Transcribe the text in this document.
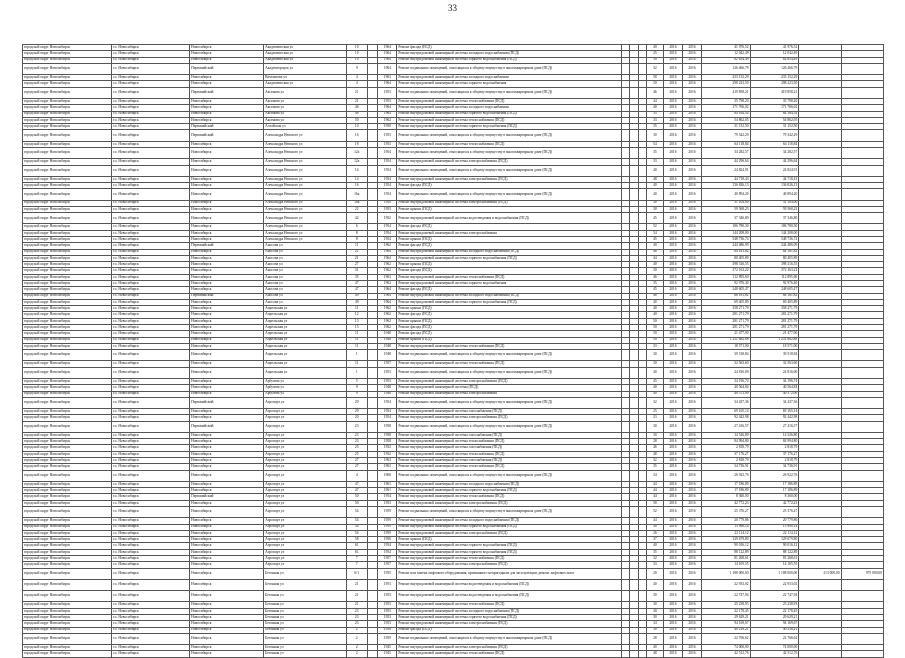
33
городской округ Новосибирск	г.о. Новосибирск	Новосибирск	Академическая ул	10		1964	Ремонт фасада (ПСД)				40	2016	2016	41 976,52	41 976,52		
городской округ Новосибирск	г.о. Новосибирск	Новосибирск	Академическая ул	10		1964	Ремонт внутридомовой инженерной системы холодного водоснабжения (ПСД)				25	2016	2016	12 042,49	12 042,49		
городской округ Новосибирск	г.о. Новосибирск	Новосибирск	Академическая ул	10		1964	Ремонт внутридомовой инженерной системы горячего водоснабжения (ПСД)				30	2016	2016	82 654,49	82 654,49		
городской округ Новосибирск	г.о. Новосибирск	Первомайский	Академгородок ул	9		1964	Ремонт подвальных помещений, относящихся к общему имуществу в многоквартирном доме (ПСД)				32	2016	2016	126 466,79	126 466,79		
городской округ Новосибирск	г.о. Новосибирск	Новосибирск	Вахтангова ул	4		1963	Ремонт внутридомовой инженерной системы холодного водоснабжения				58	2016	2016	233 152,29	233 152,29		
городской округ Новосибирск	г.о. Новосибирск	Новосибирск	Академическая ул	4		1964	Ремонт внутридомовой инженерной системы горячего водоснабжения				50	2016	2016	298 223,50	298 223,50		
городской округ Новосибирск	г.о. Новосибирск	Первомайский	Аксенова ул	21		1953	Ремонт подвальных помещений, относящихся к общему имуществу в многоквартирном доме (ПСД)				46	2016	2016	419 858,21	419 858,21		
городской округ Новосибирск	г.о. Новосибирск	Новосибирск	Аксенова ул	21		1953	Ремонт внутридомовой инженерной системы теплоснабжения (ПСД)				44	2016	2016	35 798,20	35 798,20		
городской округ Новосибирск	г.о. Новосибирск	Новосибирск	Аксенова ул	46		1964	Ремонт внутридомовой инженерной системы холодного водоснабжения				40	2016	2016	171 766,02	171 766,02		
городской округ Новосибирск	г.о. Новосибирск	Новосибирск	Аксенова ул	48		1964	Ремонт внутридомовой инженерной системы горячего водоснабжения (ПСД)				35	2016	2016	64 164,54	64 164,54		
городской округ Новосибирск	г.о. Новосибирск	Новосибирск	Аксенова ул	50		1962	Ремонт внутридомовой инженерной системы теплоснабжения (ПСД)				33	2016	2016	54 862,05	54 862,05		
городской округ Новосибирск	г.о. Новосибирск	Первомайский	Алтайская ул	10		1950	Ремонт внутридомовой инженерной системы горячего водоснабжения (ПСД)				35	2016	2016	31 152,50	31 152,50		
городской округ Новосибирск	г.о. Новосибирск	Первомайский	Александра Невского ул	16		1953	Ремонт подвальных помещений, относящихся к общему имуществу в многоквартирном доме (ПСД)				30	2016	2016	79 342,29	79 342,29		
городской округ Новосибирск	г.о. Новосибирск	Новосибирск	Александра Невского ул	18		1953	Ремонт внутридомовой инженерной системы теплоснабжения (ПСД)				54	2016	2016	64 118,84	64 118,84		
городской округ Новосибирск	г.о. Новосибирск	Новосибирск	Александра Невского ул	12а		1954	Ремонт подвальных помещений, относящихся к общему имуществу в многоквартирном доме (ПСД)				35	2016	2016	34 282,57	34 282,57		
городской округ Новосибирск	г.о. Новосибирск	Новосибирск	Александра Невского ул	12а		1954	Ремонт внутридомовой инженерной системы электроснабжения (ПСД)				33	2016	2016	44 296,64	44 296,64		
городской округ Новосибирск	г.о. Новосибирск	Новосибирск	Александра Невского ул	14		1954	Ремонт подвальных помещений, относящихся к общему имуществу в многоквартирном доме (ПСД)				40	2016	2016	24 824,91	24 824,91		
городской округ Новосибирск	г.о. Новосибирск	Новосибирск	Александра Невского ул	14		1954	Ремонт внутридомовой инженерной системы электроснабжения (ПСД)				48	2016	2016	44 718,43	44 718,43		
городской округ Новосибирск	г.о. Новосибирск	Новосибирск	Александра Невского ул	16		1954	Ремонт фасада (ПСД)				40	2016	2016	136 826,13	136 826,13		
городской округ Новосибирск	г.о. Новосибирск	Новосибирск	Александра Невского ул	16а		1954	Ремонт подвальных помещений, относящихся к общему имуществу в многоквартирном доме (ПСД)				40	2016	2016	40 894,20	40 894,20		
городской округ Новосибирск	г.о. Новосибирск	Новосибирск	Александра Невского ул	16а		1954	Ремонт внутридомовой инженерной системы электроснабжения (ПСД)				30	2016	2016	31 104,00	31 104,00		
городской округ Новосибирск	г.о. Новосибирск	Новосибирск	Александра Невского ул	22		1953	Ремонт крыши (ПСД)				30	2016	2016	59 568,23	59 568,23		
городской округ Новосибирск	г.о. Новосибирск	Новосибирск	Александра Невского ул	42		1952	Ремонт внутридомовой инженерной системы водоотведения и водоснабжения (ПСД)				45	2016	2016	37 346,80	37 346,80		
городской округ Новосибирск	г.о. Новосибирск	Новосибирск	Александра Невского ул	6		1954	Ремонт фасада (ПСД)				52	2016	2016	186 780,30	186 780,30		
городской округ Новосибирск	г.о. Новосибирск	Новосибирск	Александра Невского ул	8		1954	Ремонт внутридомовой инженерной системы электроснабжения				54	2016	2016	144 208,00	144 208,00		
городской округ Новосибирск	г.о. Новосибирск	Новосибирск	Александра Невского ул	8		1954	Ремонт крыши (ПСД)				45	2016	2016	548 736,74	548 736,74		
городской округ Новосибирск	г.о. Новосибирск	Первомайский	Аносова ул	11		1962	Ремонт фасада (ПСД)				40	2016	2016	244 486,09	244 486,09		
городской округ Новосибирск	г.о. Новосибирск	Новосибирск	Аносова ул	21		1964	Ремонт внутридомовой инженерной системы холодного водоснабжения (ПСД)				46	2016	2016	84 181,82	84 181,82		
городской округ Новосибирск	г.о. Новосибирск	Новосибирск	Аносова ул	21		1964	Ремонт внутридомовой инженерной системы горячего водоснабжения (ПСД)				44	2016	2016	80 405,89	80 405,89		
городской округ Новосибирск	г.о. Новосибирск	Новосибирск	Аносова ул	27		1962	Ремонт крыши (ПСД)				40	2016	2016	398 316,55	398 316,55		
городской округ Новосибирск	г.о. Новосибирск	Новосибирск	Аносова ул	31		1962	Ремонт фасада (ПСД)				30	2016	2016	372 163,22	372 163,22		
городской округ Новосибирск	г.о. Новосибирск	Новосибирск	Аносова ул	35		1963	Ремонт внутридомовой инженерной системы теплоснабжения (ПСД)				46	2016	2016	112 895,60	112 895,60		
городской округ Новосибирск	г.о. Новосибирск	Новосибирск	Аносова ул	47		1962	Ремонт внутридомовой инженерной системы горячего водоснабжения				35	2016	2016	92 976,40	92 976,40		
городской округ Новосибирск	г.о. Новосибирск	Новосибирск	Аносова ул	47		1964	Ремонт фасада (ПСД)				45	2016	2016	248 605,47	248 605,47		
городской округ Новосибирск	г.о. Новосибирск	Первомайский	Аносова ул	49		1964	Ремонт внутридомовой инженерной системы холодного водоснабжения (ПСД)				48	2016	2016	68 181,82	68 181,82		
городской округ Новосибирск	г.о. Новосибирск	Новосибирск	Аносова ул	49		1964	Ремонт внутридомовой инженерной системы горячего водоснабжения (ПСД)				40	2016	2016	69 405,89	69 405,89		
городской округ Новосибирск	г.о. Новосибирск	Новосибирск	Апрельская ул	11		1962	Ремонт крыши (ПСД)				40	2016	2016	358 271,79	358 271,79		
городской округ Новосибирск	г.о. Новосибирск	Новосибирск	Апрельская ул	12		1962	Ремонт фасада (ПСД)				40	2016	2016	281 271,79	281 271,79		
городской округ Новосибирск	г.о. Новосибирск	Новосибирск	Апрельская ул	13		1962	Ремонт крыши (ПСД)				50	2016	2016	281 271,79	281 271,79		
городской округ Новосибирск	г.о. Новосибирск	Новосибирск	Апрельская ул	15		1962	Ремонт фасада (ПСД)				50	2016	2016	281 271,79	281 271,79		
городской округ Новосибирск	г.о. Новосибирск	Новосибирск	Апрельская ул	11		1948	Ремонт фасада (ПСД)				50	2016	2016	21 477,00	21 477,00		
городской округ Новосибирск	г.о. Новосибирск	Новосибирск	Апрельская ул	11		1948	Ремонт крыши (ПСД)				50	2016	2016	1 251 682,88	1 251 682,88		
городской округ Новосибирск	г.о. Новосибирск	Новосибирск	Апрельская ул	11		1948	Ремонт внутридомовой инженерной системы теплоснабжения (ПСД)				33	2016	2016	18 571,00	18 571,00		
городской округ Новосибирск	г.о. Новосибирск	Новосибирск	Апрельская ул	1		1948	Ремонт подвальных помещений, относящихся к общему имуществу в многоквартирном доме (ПСД)				30	2016	2016	39 518,84	39 518,84		
городской округ Новосибирск	г.о. Новосибирск	Новосибирск	Апрельская ул	11		1957	Ремонт внутридомовой инженерной системы теплоснабжения (ПСД)				30	2016	2016	32 563,60	32 563,60		
городской округ Новосибирск	г.о. Новосибирск	Новосибирск	Апрельская ул	1		1953	Ремонт подвальных помещений, относящихся к общему имуществу в многоквартирном доме (ПСД)				40	2016	2016	24 816,00	24 816,00		
городской округ Новосибирск	г.о. Новосибирск	Новосибирск	Арбузова ул	5		1953	Ремонт внутридомовой инженерной системы электроснабжения (ПСД)				45	2016	2016	34 196,74	34 196,74		
городской округ Новосибирск	г.о. Новосибирск	Новосибирск	Арбузова ул	9		1948	Ремонт внутридомовой инженерной системы (ПСД)				40	2016	2016	40 564,84	40 564,84		
городской округ Новосибирск	г.о. Новосибирск	Новосибирск	Арбузова ул	9		1948	Ремонт внутридомовой инженерной системы электроснабжения				40	2016	2016	40 572,00	40 572,00		
городской округ Новосибирск	г.о. Новосибирск	Первомайский	Аэропорт ул	29		1954	Ремонт подвальных помещений, относящихся к общему имуществу в многоквартирном доме (ПСД)				32	2016	2016	34 437,36	34 437,36		
городской округ Новосибирск	г.о. Новосибирск	Новосибирск	Аэропорт ул	29		1954	Ремонт внутридомовой инженерной системы газоснабжения (ПСД)				25	2016	2016	69 165,14	69 165,14		
городской округ Новосибирск	г.о. Новосибирск	Новосибирск	Аэропорт ул	20		1954	Ремонт внутридомовой инженерной системы электроснабжения (ПСД)				23	2016	2016	92 442,98	92 442,98		
городской округ Новосибирск	г.о. Новосибирск	Первомайский	Аэропорт ул	23		1958	Ремонт подвальных помещений, относящихся к общему имуществу в многоквартирном доме (ПСД)				30	2016	2016	27 416,57	27 416,57		
городской округ Новосибирск	г.о. Новосибирск	Новосибирск	Аэропорт ул	23		1958	Ремонт внутридомовой инженерной системы газоснабжения (ПСД)				30	2016	2016	14 526,80	14 526,80		
городской округ Новосибирск	г.о. Новосибирск	Новосибирск	Аэропорт ул	23		1958	Ремонт внутридомовой инженерной системы теплоснабжения (ПСД)				28	2016	2016	84 994,80	84 994,80		
городской округ Новосибирск	г.о. Новосибирск	Новосибирск	Аэропорт ул	25		1952	Ремонт внутридомовой инженерной системы газоснабжения (ПСД)				46	2016	2016	2 818,79	2 818,79		
городской округ Новосибирск	г.о. Новосибирск	Новосибирск	Аэропорт ул	25		1952	Ремонт внутридомовой инженерной системы теплоснабжения (ПСД)				48	2016	2016	37 176,27	37 176,27		
городской округ Новосибирск	г.о. Новосибирск	Новосибирск	Аэропорт ул	27		1963	Ремонт внутридомовой инженерной системы газоснабжения (ПСД)				32	2016	2016	2 818,79	2 818,79		
городской округ Новосибирск	г.о. Новосибирск	Новосибирск	Аэропорт ул	27		1963	Ремонт внутридомовой инженерной системы теплоснабжения (ПСД)				35	2016	2016	34 736,91	34 736,91		
городской округ Новосибирск	г.о. Новосибирск	Новосибирск	Аэропорт ул	4		1960	Ремонт подвальных помещений, относящихся к общему имуществу в многоквартирном доме (ПСД)				34	2016	2016	26 922,76	26 922,76		
городской округ Новосибирск	г.о. Новосибирск	Новосибирск	Аэропорт ул	47		1961	Ремонт внутридомовой инженерной системы холодного водоснабжения (ПСД)				44	2016	2016	17 186,89	17 186,89		
городской округ Новосибирск	г.о. Новосибирск	Новосибирск	Аэропорт ул	47		1961	Ремонт внутридомовой инженерной системы горячего водоснабжения (ПСД)				44	2016	2016	17 186,89	17 186,89		
городской округ Новосибирск	г.о. Новосибирск	Первомайский	Аэропорт ул	50		1954	Ремонт внутридомовой инженерной системы теплоснабжения (ПСД)				44	2016	2016	8 360,00	8 360,00		
городской округ Новосибирск	г.о. Новосибирск	Новосибирск	Аэропорт ул	50		1953	Ремонт внутридомовой инженерной системы электроснабжения (ПСД)				58	2016	2016	42 772,23	42 772,23		
городской округ Новосибирск	г.о. Новосибирск	Новосибирск	Аэропорт ул	54		1959	Ремонт подвальных помещений, относящихся к общему имуществу в многоквартирном доме (ПСД)				52	2016	2016	25 376,27	25 376,27		
городской округ Новосибирск	г.о. Новосибирск	Новосибирск	Аэропорт ул	54		1959	Ремонт внутридомовой инженерной системы холодного водоснабжения (ПСД)				44	2016	2016	20 779,86	20 779,86		
городской округ Новосибирск	г.о. Новосибирск	Новосибирск	Аэропорт ул	54		1959	Ремонт внутридомовой инженерной системы горячего водоснабжения (ПСД)				30	2016	2016	13 990,14	13 990,14		
городской округ Новосибирск	г.о. Новосибирск	Новосибирск	Аэропорт ул	54		1959	Ремонт внутридомовой инженерной системы электроснабжения (ПСД)				26	2016	2016	22 114,12	22 114,12		
городской округ Новосибирск	г.о. Новосибирск	Новосибирск	Аэропорт ул	58		1956	Ремонт крыши (ПСД)				37	2016	2016	129 679,80	129 679,80		
городской округ Новосибирск	г.о. Новосибирск	Новосибирск	Аэропорт ул	61		1954	Ремонт внутридомовой инженерной системы горячего водоснабжения (ПСД)				40	2016	2016	90 016,12	90 016,12		
городской округ Новосибирск	г.о. Новосибирск	Новосибирск	Аэропорт ул	61		1954	Ремонт внутридомовой инженерной системы горячего водоснабжения (ПСД)				35	2016	2016	88 122,89	88 122,89		
городской округ Новосибирск	г.о. Новосибирск	Новосибирск	Аэропорт ул	7		1957	Ремонт внутридомовой инженерной системы теплоснабжения (ПСД)				32	2016	2016	81 268,61	81 268,61		
городской округ Новосибирск	г.о. Новосибирск	Новосибирск	Аэропорт ул	7		1957	Ремонт внутридомовой инженерной системы электроснабжения (ПСД)				33	2016	2016	14 105,55	14 105,55		
городской округ Новосибирск	г.о. Новосибирск	Новосибирск	Бетонная ул	6/1		1955	Ремонт или замена лифтового оборудования, признанного непригодным для эксплуатации, ремонт лифтовых шахт				20	2016	2016	1 188 000,00	1 188 000,00	213 000,00	975 000,00
городской округ Новосибирск	г.о. Новосибирск	Новосибирск	Бетонная ул	21		1953	Ремонт внутридомовой инженерной системы водоотведения и водоснабжения (ПСД)				40	2016	2016	22 933,02	22 933,02		
городской округ Новосибирск	г.о. Новосибирск	Новосибирск	Бетонная ул	21		1953	Ремонт внутридомовой инженерной системы водоотведения и водоснабжения (ПСД)				30	2016	2016	22 747,94	22 747,94		
городской округ Новосибирск	г.о. Новосибирск	Новосибирск	Бетонная ул	21		1953	Ремонт внутридомовой инженерной системы теплоснабжения (ПСД)				30	2016	2016	25 238,93	25 238,93		
городской округ Новосибирск	г.о. Новосибирск	Новосибирск	Бетонная ул	23		1953	Ремонт внутридомовой инженерной системы холодного водоснабжения (ПСД)				40	2016	2016	22 178,45	22 178,45		
городской округ Новосибирск	г.о. Новосибирск	Новосибирск	Бетонная ул	23		1953	Ремонт внутридомовой инженерной системы горячего водоснабжения (ПСД)				30	2016	2016	29 629,21	29 629,21		
городской округ Новосибирск	г.о. Новосибирск	Новосибирск	Бетонная ул	23		1953	Ремонт внутридомовой инженерной системы электроснабжения (ПСД)				34	2016	2016	94 169,67	94 169,67		
городской округ Новосибирск	г.о. Новосибирск	Новосибирск	Бетонная ул	2		1958	Ремонт фасада (ПСД)				30	2016	2016	40 216,21	40 216,21		
городской округ Новосибирск	г.о. Новосибирск	Новосибирск	Бетонная ул	2		1959	Ремонт подвальных помещений, относящихся к общему имуществу в многоквартирном доме (ПСД)				28	2016	2016	22 766,62	22 766,62		
городской округ Новосибирск	г.о. Новосибирск	Новосибирск	Бетонная ул	2		1945	Ремонт внутридомовой инженерной системы электроснабжения (ПСД)				40	2016	2016	74 000,00	74 000,00		
городской округ Новосибирск	г.о. Новосибирск	Новосибирск	Бетонная ул	2		1945	Ремонт внутридомовой инженерной системы теплоснабжения (ПСД)				48	2016	2016	42 512,76	42 512,76		
